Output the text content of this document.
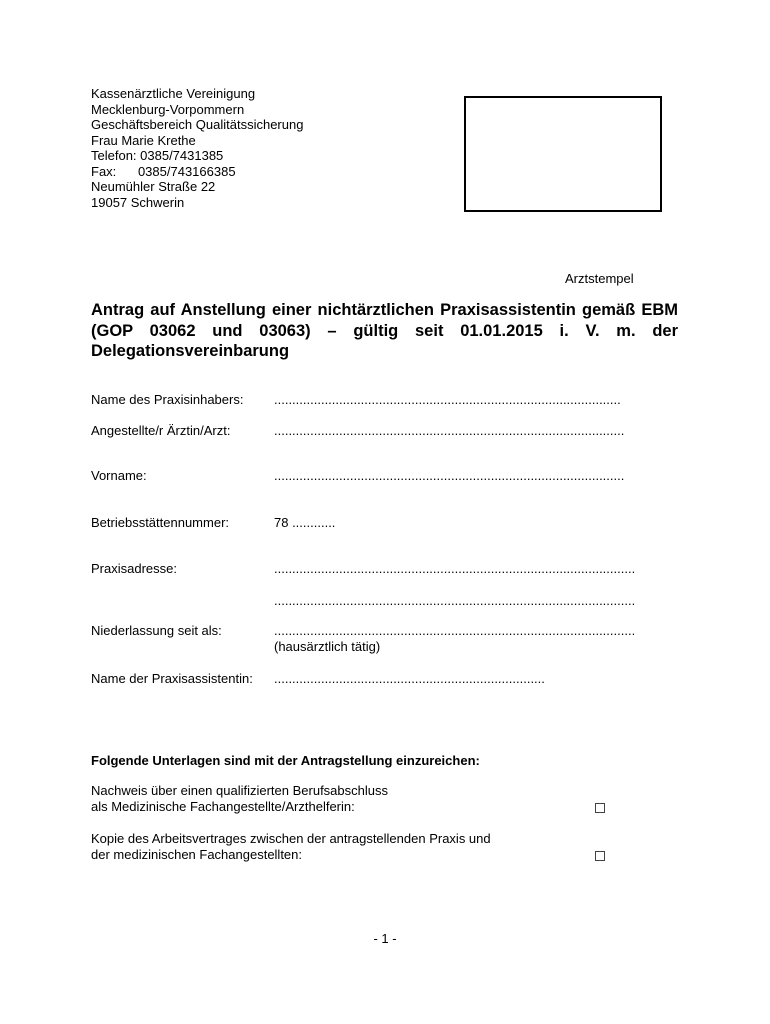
Kassenärztliche Vereinigung
Mecklenburg-Vorpommern
Geschäftsbereich Qualitätssicherung
Frau Marie Krethe
Telefon: 0385/7431385
Fax:      0385/743166385
Neumühler Straße 22
19057 Schwerin
Arztstempel
Antrag auf Anstellung einer nichtärztlichen Praxisassistentin gemäß EBM (GOP 03062 und 03063) – gültig seit 01.01.2015 i. V. m. der Delegationsvereinbarung
Name des Praxisinhabers: ................................................................................................
Angestellte/r Ärztin/Arzt:	.................................................................................................
Vorname:	.................................................................................................
Betriebsstättennummer:	78 ............
Praxisadresse:	....................................................................................................
....................................................................................................
Niederlassung seit als:	....................................................................................................
(hausärztlich tätig)
Name der Praxisassistentin: ...........................................................................
Folgende Unterlagen sind mit der Antragstellung einzureichen:
Nachweis über einen qualifizierten Berufsabschluss
als Medizinische Fachangestellte/Arzthelferin:
Kopie des Arbeitsvertrages zwischen der antragstellenden Praxis und
der medizinischen Fachangestellten:
- 1 -
